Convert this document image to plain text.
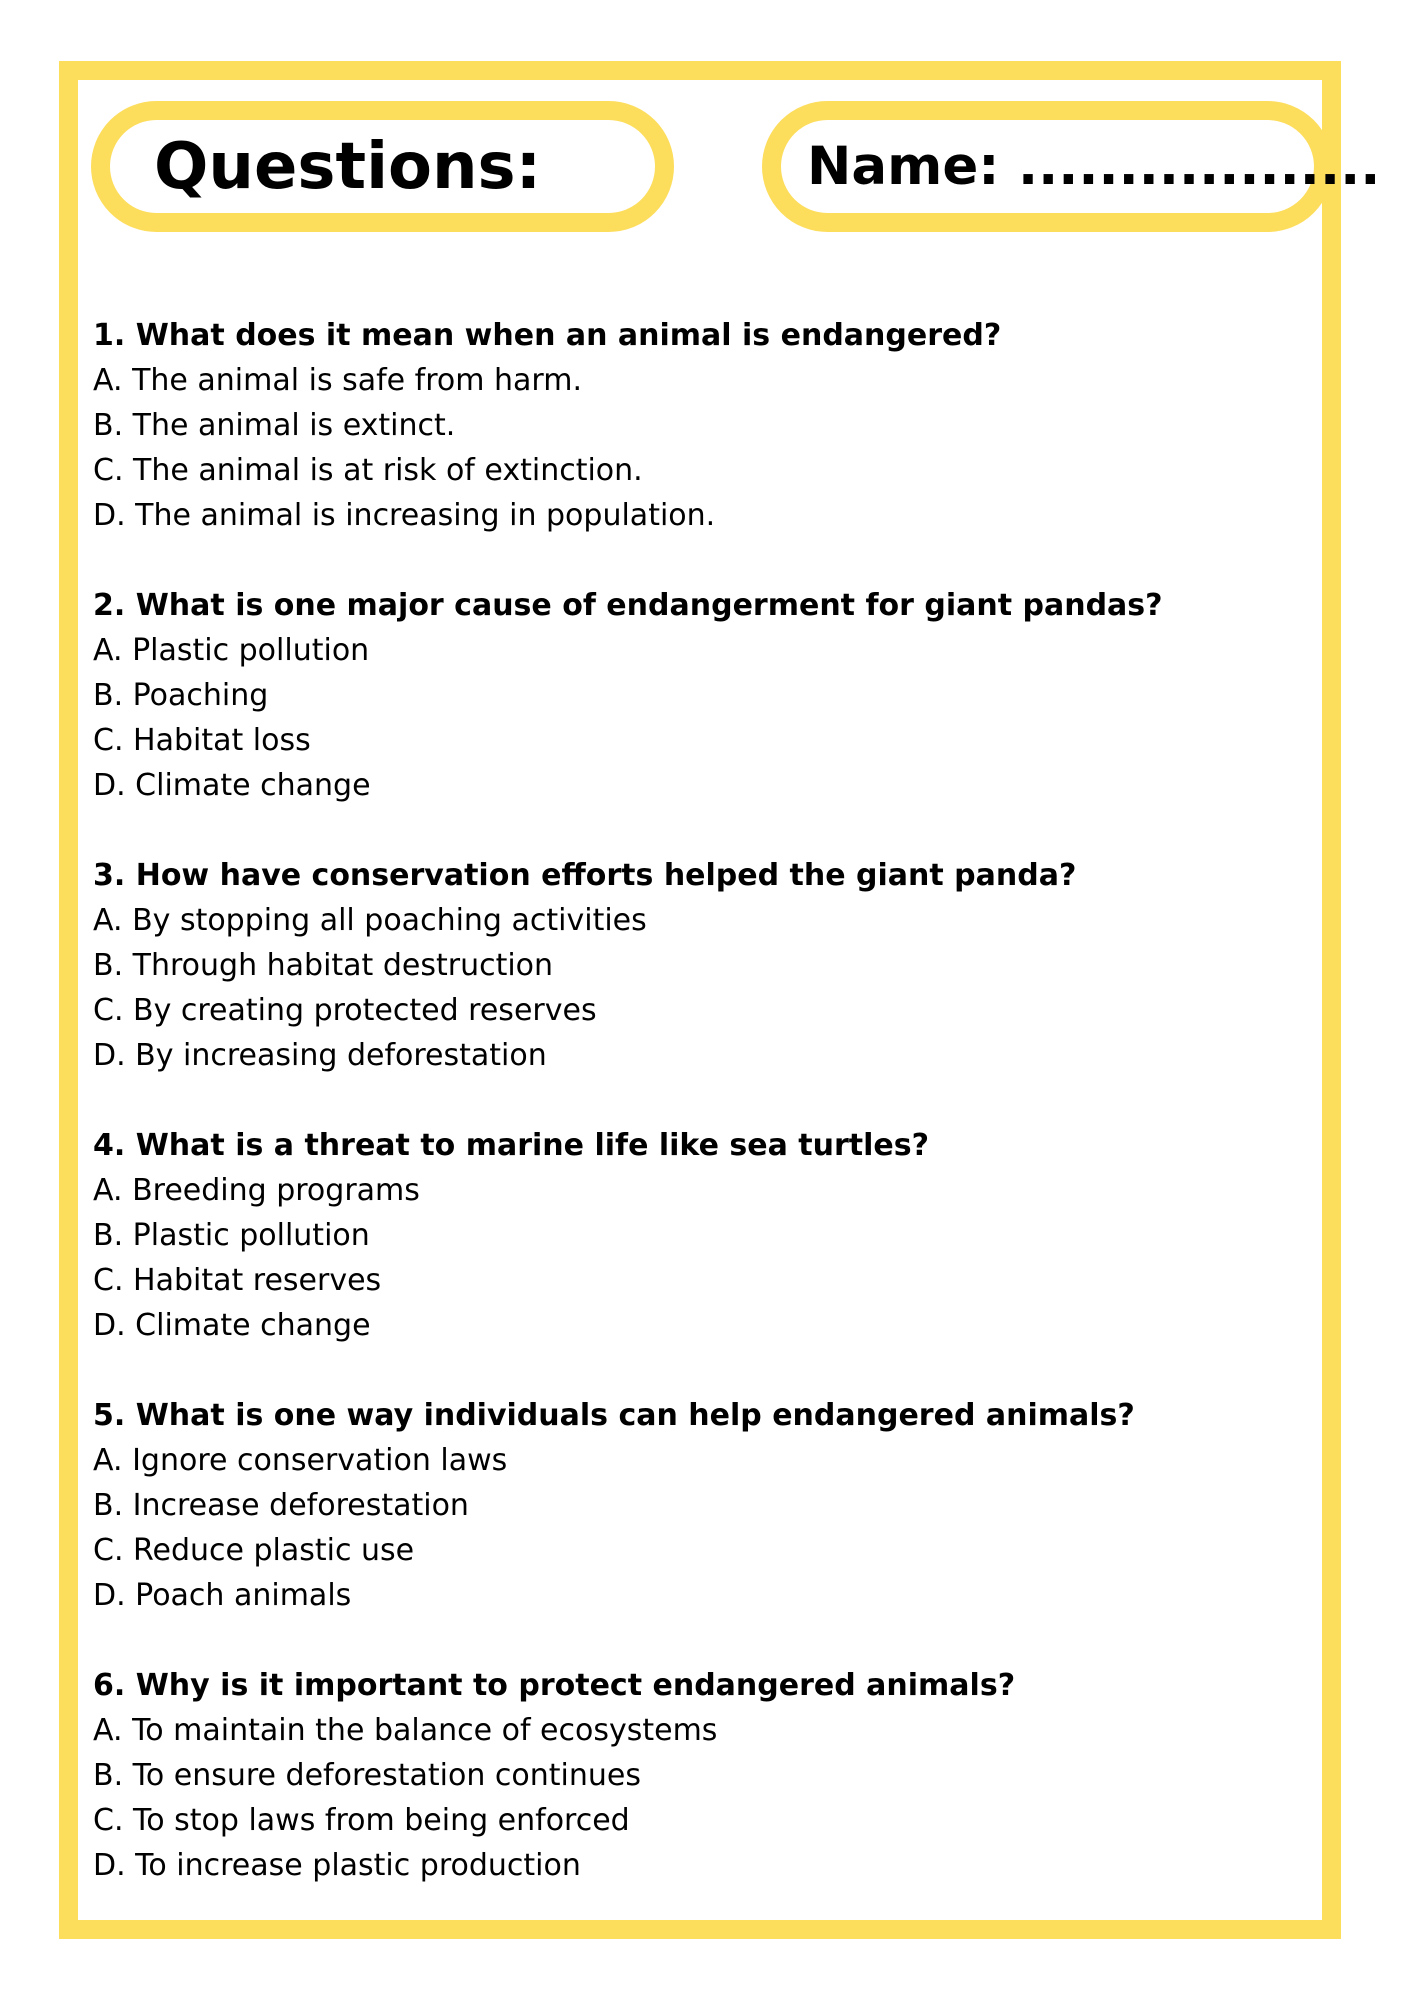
Questions:	Name: ..................
1. What does it mean when an animal is endangered?
A. The animal is safe from harm.
B. The animal is extinct.
C. The animal is at risk of extinction.
D. The animal is increasing in population.
2. What is one major cause of endangerment for giant pandas?
A. Plastic pollution
B. Poaching
C. Habitat loss
D. Climate change
3. How have conservation efforts helped the giant panda?
A. By stopping all poaching activities
B. Through habitat destruction
C. By creating protected reserves
D. By increasing deforestation
4. What is a threat to marine life like sea turtles?
A. Breeding programs
B. Plastic pollution
C. Habitat reserves
D. Climate change
5. What is one way individuals can help endangered animals?
A. Ignore conservation laws
B. Increase deforestation
C. Reduce plastic use
D. Poach animals
6. Why is it important to protect endangered animals?
A. To maintain the balance of ecosystems
B. To ensure deforestation continues
C. To stop laws from being enforced
D. To increase plastic production
